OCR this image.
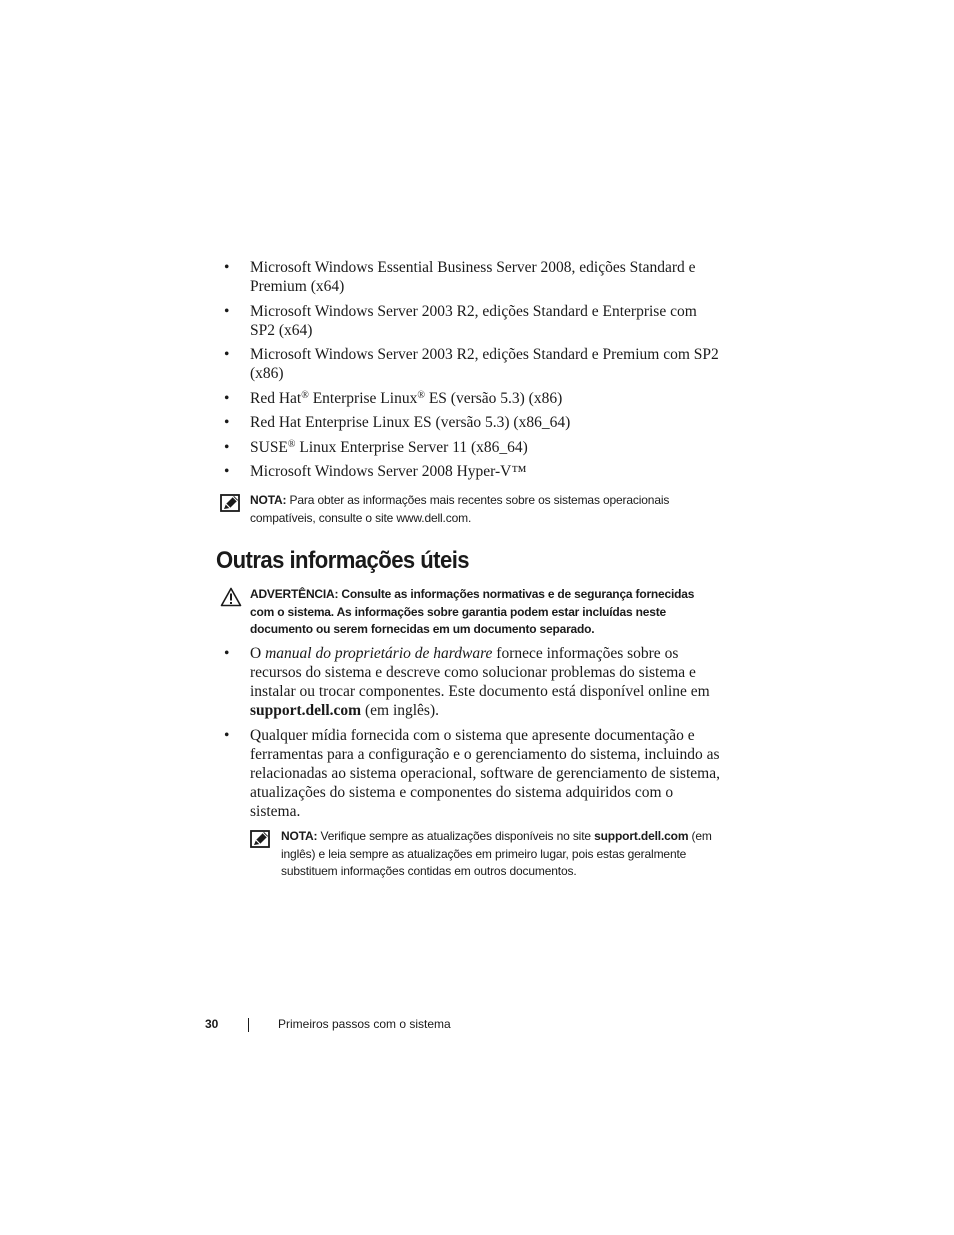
• Microsoft Windows Essential Business Server 2008, edições Standard e Premium (x64)
• Microsoft Windows Server 2003 R2, edições Standard e Enterprise com SP2 (x64)
• Microsoft Windows Server 2003 R2, edições Standard e Premium com SP2 (x86)
• Red Hat® Enterprise Linux® ES (versão 5.3) (x86)
• Red Hat Enterprise Linux ES (versão 5.3) (x86_64)
• SUSE® Linux Enterprise Server 11 (x86_64)
• Microsoft Windows Server 2008 Hyper-V™
NOTA: Para obter as informações mais recentes sobre os sistemas operacionais compatíveis, consulte o site www.dell.com.
Outras informações úteis
ADVERTÊNCIA: Consulte as informações normativas e de segurança fornecidas com o sistema. As informações sobre garantia podem estar incluídas neste documento ou serem fornecidas em um documento separado.
• O manual do proprietário de hardware fornece informações sobre os recursos do sistema e descreve como solucionar problemas do sistema e instalar ou trocar componentes. Este documento está disponível online em support.dell.com (em inglês).
• Qualquer mídia fornecida com o sistema que apresente documentação e ferramentas para a configuração e o gerenciamento do sistema, incluindo as relacionadas ao sistema operacional, software de gerenciamento de sistema, atualizações do sistema e componentes do sistema adquiridos com o sistema.
NOTA: Verifique sempre as atualizações disponíveis no site support.dell.com (em inglês) e leia sempre as atualizações em primeiro lugar, pois estas geralmente substituem informações contidas em outros documentos.
30	Primeiros passos com o sistema
